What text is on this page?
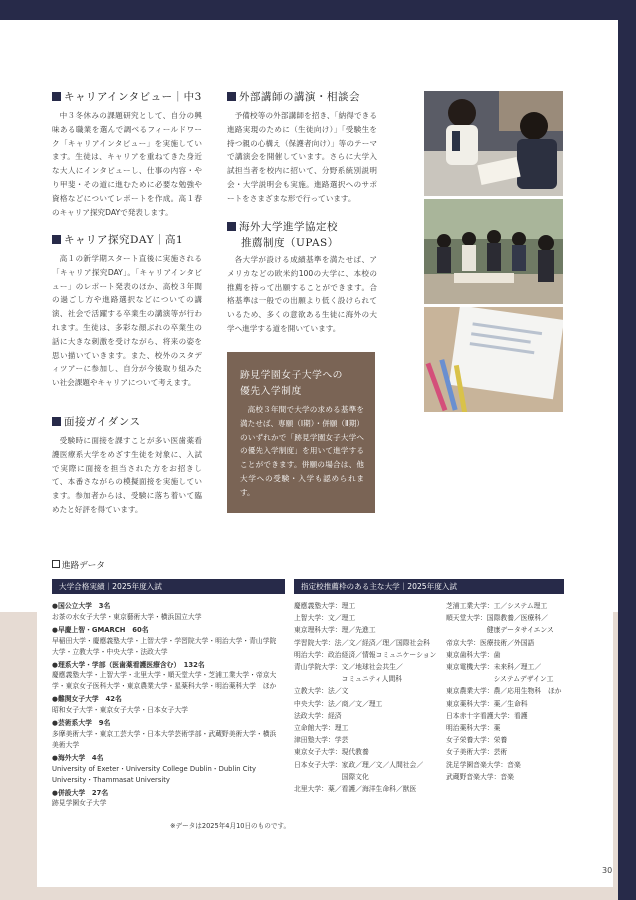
キャリアインタビュー｜中3

中３冬休みの課題研究として、自分の興味ある職業を選んで調べるフィールドワーク「キャリアインタビュー」を実施しています。生徒は、キャリアを重ねてきた身近な大人にインタビューし、仕事の内容・やり甲斐・その道に進むために必要な勉強や資格などについてレポートを作成。高１春のキャリア探究DAYで発表します。

キャリア探究DAY｜高1

高１の新学期スタート直後に実施される「キャリア探究DAY」。「キャリアインタビュー」のレポート発表のほか、高校３年間の過ごし方や進路選択などについての講演、社会で活躍する卒業生の講演等が行われます。生徒は、多彩な顔ぶれの卒業生の話に大きな刺激を受けながら、将来の姿を思い描いていきます。また、校外のスタディツアーに参加し、自分が今後取り組みたい社会課題やキャリアについて考えます。

面接ガイダンス

受験時に面接を課すことが多い医歯薬看護医療系大学をめざす生徒を対象に、入試で実際に面接を担当された方をお招きして、本番さながらの模擬面接を実施しています。参加者からは、受験に落ち着いて臨めたと好評を得ています。

外部講師の講演・相談会

予備校等の外部講師を招き、「納得できる進路実現のために（生徒向け）」「受験生を持つ親の心構え（保護者向け）」等のテーマで講演会を開催しています。さらに大学入試担当者を校内に招いて、分野系統別説明会・大学説明会も実施。進路選択へのサポートをさまざまな形で行っています。

海外大学進学協定校
推薦制度（UPAS）

各大学が設ける成績基準を満たせば、アメリカなどの欧米約100の大学に、本校の推薦を持って出願することができます。合格基準は一般での出願より低く設けられているため、多くの意欲ある生徒に海外の大学へ進学する道を開いています。

跡見学園女子大学への
優先入学制度

高校３年間で大学の求める基準を満たせば、専願（Ⅰ期）・併願（Ⅱ期）のいずれかで「跡見学園女子大学への優先入学制度」を用いて進学することができます。併願の場合は、他大学への受験・入学も認められます。

進路データ
大学合格実績｜2025年度入試	指定校推薦枠のある主な大学｜2025年度入試
● 国公立大学　3名
お茶の水女子大学・東京藝術大学・横浜国立大学
● 早慶上智・GMARCH　60名
早稲田大学・慶應義塾大学・上智大学・学習院大学・明治大学・青山学院大学・立教大学・中央大学・法政大学
● 理系大学・学部（医歯薬看護医療含む）　132名
慶應義塾大学・上智大学・北里大学・順天堂大学・芝浦工業大学・帝京大学・東京女子医科大学・東京農業大学・星薬科大学・明治薬科大学　ほか
● 難関女子大学　42名
昭和女子大学・東京女子大学・日本女子大学
● 芸術系大学　9名
多摩美術大学・東京工芸大学・日本大学芸術学部・武蔵野美術大学・横浜美術大学
● 海外大学　4名
University of Exeter・University College Dublin・Dublin City University・Thammasat University
● 併設大学　27名
跡見学園女子大学
※データは2025年4月10日のものです。
慶應義塾大学：理工
上智大学：文／理工
東京理科大学：理／先進工
学習院大学：法／文／経済／理／国際社会科
明治大学：政治経済／情報コミュニケーション
青山学院大学：文／地球社会共生／
　　　　　　　コミュニティ人間科
立教大学：法／文
中央大学：法／商／文／理工
法政大学：経済
立命館大学：理工
津田塾大学：学芸
東京女子大学：現代教養
日本女子大学：家政／理／文／人間社会／
　　　　　　　国際文化
北里大学：薬／看護／海洋生命科／獣医
芝浦工業大学：工／システム理工
順天堂大学：国際教養／医療科／
　　　　　　健康データサイエンス
帝京大学：医療技術／外国語
東京歯科大学：歯
東京電機大学：未来科／理工／
　　　　　　　システムデザイン工
東京農業大学：農／応用生物科　ほか
東京薬科大学：薬／生命科
日本赤十字看護大学：看護
明治薬科大学：薬
女子栄養大学：栄養
女子美術大学：芸術
洗足学園音楽大学：音楽
武蔵野音楽大学：音楽
30
